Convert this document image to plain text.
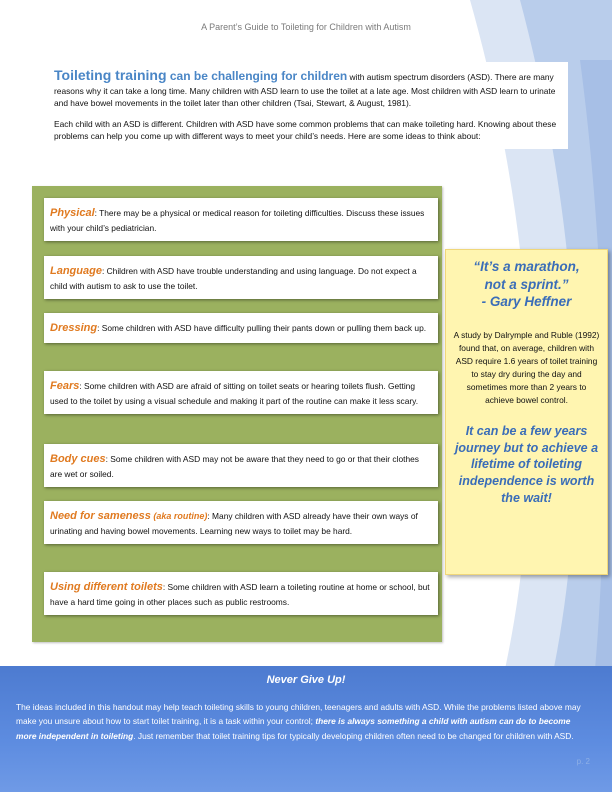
A Parent’s Guide to Toileting for Children with Autism

Toileting training can be challenging for children with autism spectrum disorders (ASD). There are many reasons why it can take a long time. Many children with ASD learn to use the toilet at a late age. Most children with ASD learn to urinate and have bowel movements in the toilet later than other children (Tsai, Stewart, & August, 1981).

Each child with an ASD is different. Children with ASD have some common problems that can make toileting hard. Knowing about these problems can help you come up with different ways to meet your child’s needs. Here are some ideas to think about:

Physical: There may be a physical or medical reason for toileting difficulties. Discuss these issues with your child’s pediatrician.
Language: Children with ASD have trouble understanding and using language. Do not expect a child with autism to ask to use the toilet.
Dressing: Some children with ASD have difficulty pulling their pants down or pulling them back up.
Fears: Some children with ASD are afraid of sitting on toilet seats or hearing toilets flush. Getting used to the toilet by using a visual schedule and making it part of the routine can make it less scary.
Body cues: Some children with ASD may not be aware that they need to go or that their clothes are wet or soiled.
Need for sameness (aka routine): Many children with ASD already have their own ways of urinating and having bowel movements. Learning new ways to toilet may be hard.
Using different toilets: Some children with ASD learn a toileting routine at home or school, but have a hard time going in other places such as public restrooms.
“It’s a marathon,
not a sprint.”
- Gary Heffner
A study by Dalrymple and Ruble (1992) found that, on average, children with ASD require 1.6 years of toilet training to stay dry during the day and sometimes more than 2 years to achieve bowel control.
It can be a few years journey but to achieve a lifetime of toileting independence is worth the wait!
Never Give Up!
The ideas included in this handout may help teach toileting skills to young children, teenagers and adults with ASD. While the problems listed above may make you unsure about how to start toilet training, it is a task within your control; there is always something a child with autism can do to become more independent in toileting. Just remember that toilet training tips for typically developing children often need to be changed for children with ASD.
p. 2
